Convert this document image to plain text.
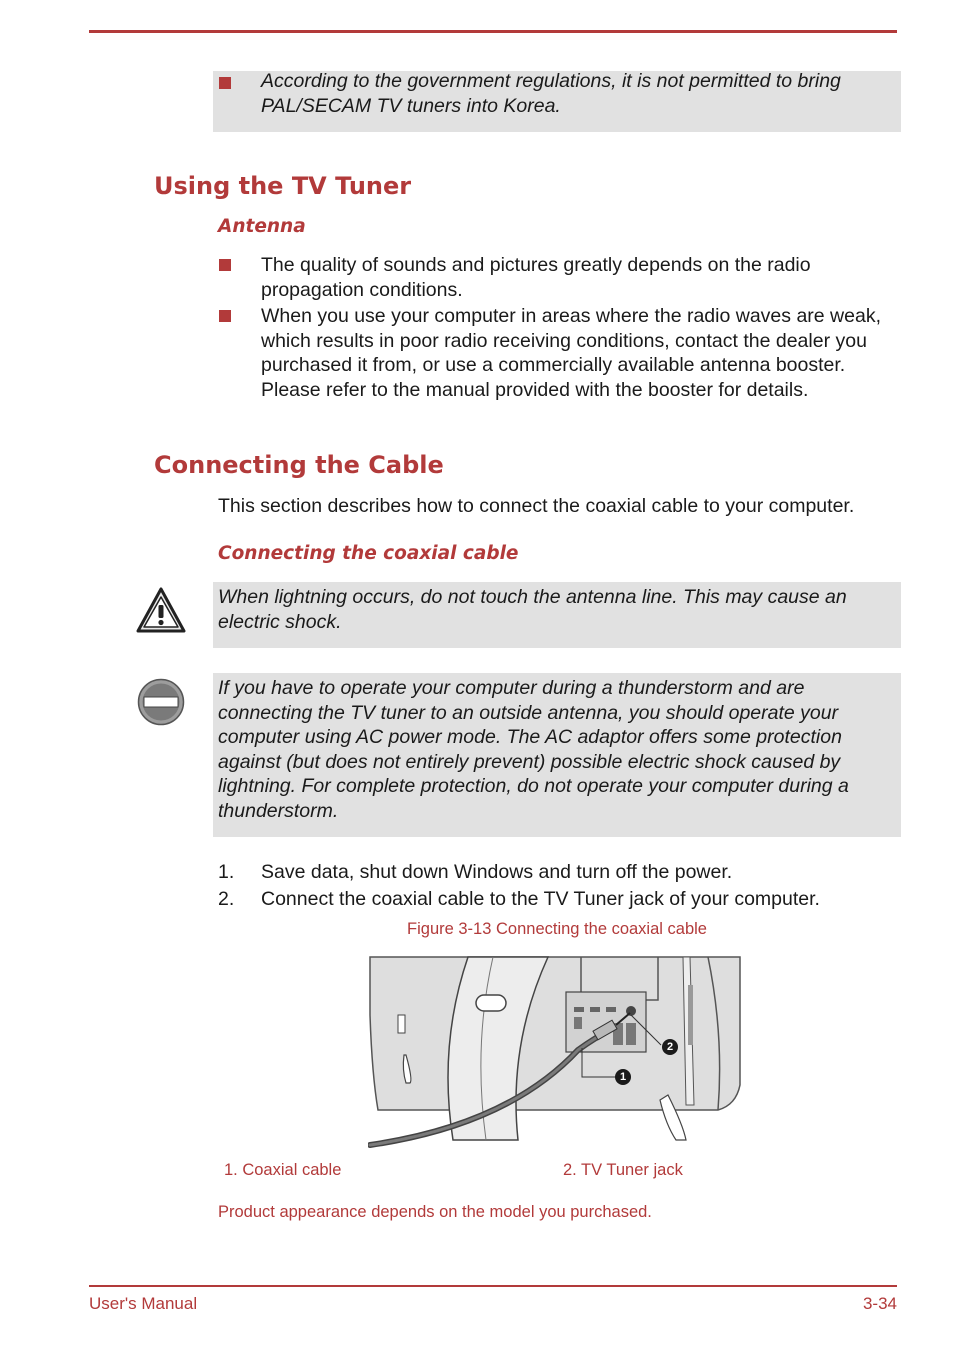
According to the government regulations, it is not permitted to bring PAL/SECAM TV tuners into Korea.
Using the TV Tuner
Antenna
The quality of sounds and pictures greatly depends on the radio propagation conditions.
When you use your computer in areas where the radio waves are weak, which results in poor radio receiving conditions, contact the dealer you purchased it from, or use a commercially available antenna booster. Please refer to the manual provided with the booster for details.
Connecting the Cable
This section describes how to connect the coaxial cable to your computer.
Connecting the coaxial cable
When lightning occurs, do not touch the antenna line. This may cause an electric shock.
If you have to operate your computer during a thunderstorm and are connecting the TV tuner to an outside antenna, you should operate your computer using AC power mode. The AC adaptor offers some protection against (but does not entirely prevent) possible electric shock caused by lightning. For complete protection, do not operate your computer during a thunderstorm.
1. Save data, shut down Windows and turn off the power.
2. Connect the coaxial cable to the TV Tuner jack of your computer.
Figure 3-13 Connecting the coaxial cable
1
2
1. Coaxial cable	2. TV Tuner jack
Product appearance depends on the model you purchased.
User's Manual	3-34
